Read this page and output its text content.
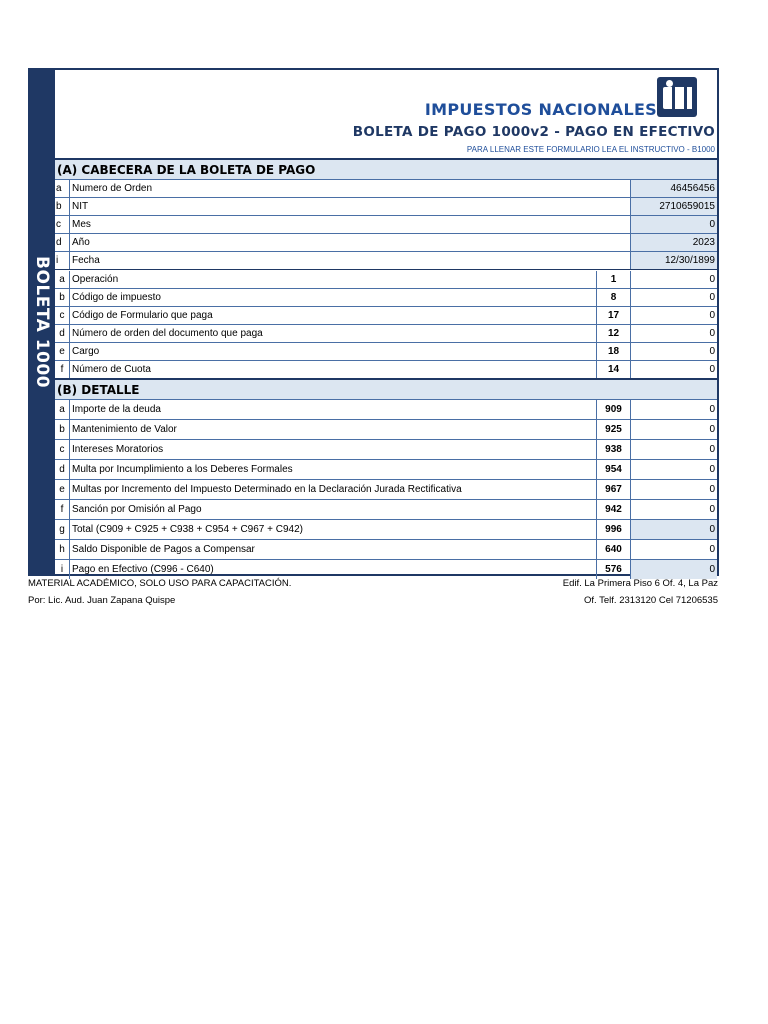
BOLETA 1000
IMPUESTOS NACIONALES
BOLETA DE PAGO 1000v2 - PAGO EN EFECTIVO
PARA LLENAR ESTE FORMULARIO LEA EL INSTRUCTIVO - B1000
(A) CABECERA DE LA BOLETA DE PAGO
a	Numero de Orden	46456456
b	NIT	2710659015
c	Mes	0
d	Año	2023
i	Fecha	12/30/1899
a Operación	1	0
b Código de impuesto	8	0
c Código de Formulario que paga	17	0
d Número de orden del documento que paga	12	0
e Cargo	18	0
f Número de Cuota	14	0
(B) DETALLE
a Importe de la deuda	909	0
b Mantenimiento de Valor	925	0
c Intereses Moratorios	938	0
d Multa por Incumplimiento a los Deberes Formales	954	0
e Multas por Incremento del Impuesto Determinado en la Declaración Jurada Rectificativa	967	0
f Sanción por Omisión al Pago	942	0
g Total (C909 + C925 + C938 + C954 + C967 + C942)	996	0
h Saldo Disponible de Pagos a Compensar	640	0
i Pago en Efectivo (C996 - C640)	576	0
MATERIAL ACADÉMICO, SOLO USO PARA CAPACITACIÓN.
Por: Lic. Aud. Juan Zapana Quispe
Edif. La Primera Piso 6 Of. 4, La Paz
Of. Telf. 2313120 Cel 71206535
